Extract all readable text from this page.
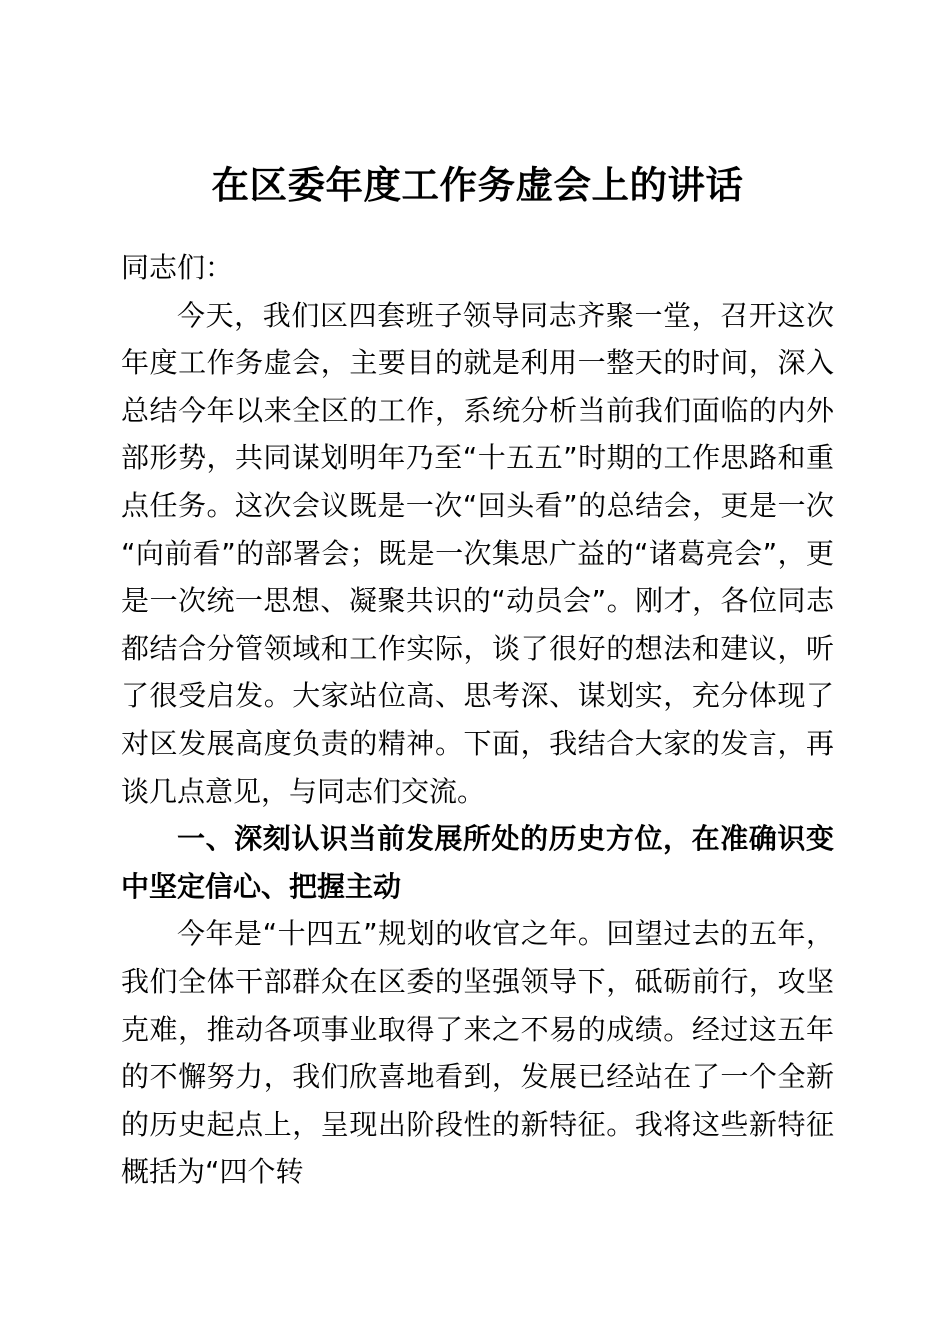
在区委年度工作务虚会上的讲话

同志们：

今天，我们区四套班子领导同志齐聚一堂，召开这次年度工作务虚会，主要目的就是利用一整天的时间，深入总结今年以来全区的工作，系统分析当前我们面临的内外部形势，共同谋划明年乃至“十五五”时期的工作思路和重点任务。这次会议既是一次“回头看”的总结会，更是一次“向前看”的部署会；既是一次集思广益的“诸葛亮会”，更是一次统一思想、凝聚共识的“动员会”。刚才，各位同志都结合分管领域和工作实际，谈了很好的想法和建议，听了很受启发。大家站位高、思考深、谋划实，充分体现了对区发展高度负责的精神。下面，我结合大家的发言，再谈几点意见，与同志们交流。

一、深刻认识当前发展所处的历史方位，在准确识变中坚定信心、把握主动

今年是“十四五”规划的收官之年。回望过去的五年，我们全体干部群众在区委的坚强领导下，砥砺前行，攻坚克难，推动各项事业取得了来之不易的成绩。经过这五年的不懈努力，我们欣喜地看到，发展已经站在了一个全新的历史起点上，呈现出阶段性的新特征。我将这些新特征概括为“四个转
